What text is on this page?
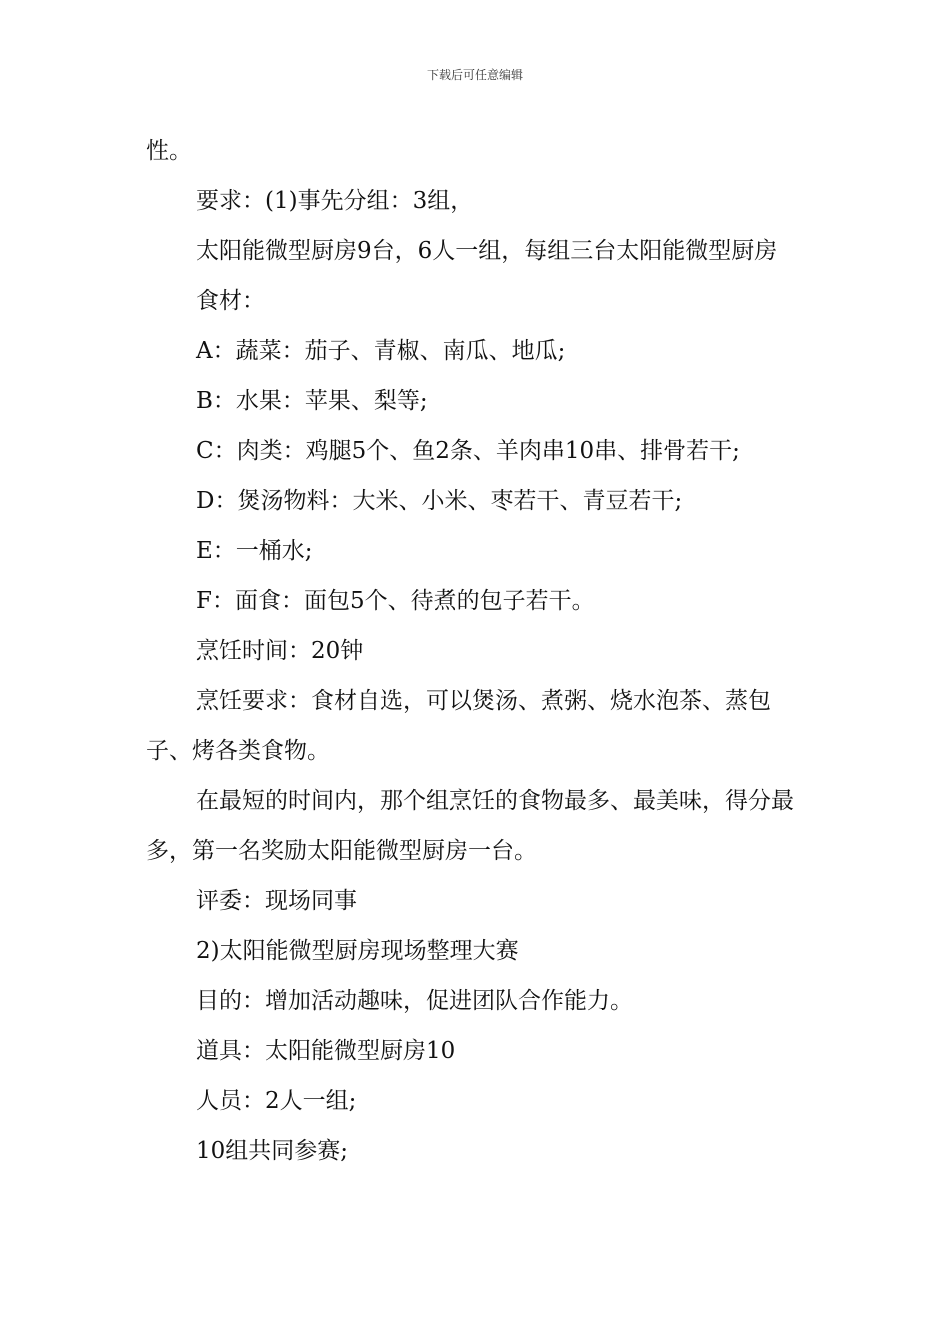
下载后可任意编辑

性。

要求：(1)事先分组：3组，

太阳能微型厨房9台，6人一组，每组三台太阳能微型厨房

食材：

A：蔬菜：茄子、青椒、南瓜、地瓜;

B：水果：苹果、梨等;

C：肉类：鸡腿5个、鱼2条、羊肉串10串、排骨若干;

D：煲汤物料：大米、小米、枣若干、青豆若干;

E：一桶水;

F：面食：面包5个、待煮的包子若干。

烹饪时间：20钟

烹饪要求：食材自选，可以煲汤、煮粥、烧水泡茶、蒸包子、烤各类食物。

在最短的时间内，那个组烹饪的食物最多、最美味，得分最多，第一名奖励太阳能微型厨房一台。

评委：现场同事

2)太阳能微型厨房现场整理大赛

目的：增加活动趣味，促进团队合作能力。

道具：太阳能微型厨房10

人员：2人一组;

10组共同参赛;
